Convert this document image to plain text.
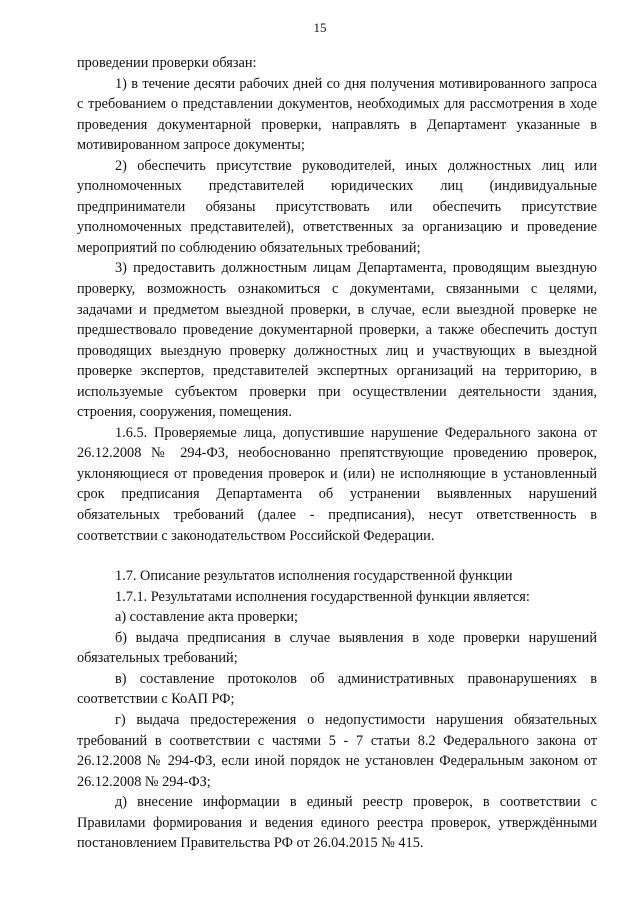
15

проведении проверки обязан:

1) в течение десяти рабочих дней со дня получения мотивированного запроса с требованием о представлении документов, необходимых для рассмотрения в ходе проведения документарной проверки, направлять в Департамент указанные в мотивированном запросе документы;

2) обеспечить присутствие руководителей, иных должностных лиц или уполномоченных представителей юридических лиц (индивидуальные предприниматели обязаны присутствовать или обеспечить присутствие уполномоченных представителей), ответственных за организацию и проведение мероприятий по соблюдению обязательных требований;

3) предоставить должностным лицам Департамента, проводящим выездную проверку, возможность ознакомиться с документами, связанными с целями, задачами и предметом выездной проверки, в случае, если выездной проверке не предшествовало проведение документарной проверки, а также обеспечить доступ проводящих выездную проверку должностных лиц и участвующих в выездной проверке экспертов, представителей экспертных организаций на территорию, в используемые субъектом проверки при осуществлении деятельности здания, строения, сооружения, помещения.

1.6.5. Проверяемые лица, допустившие нарушение Федерального закона от 26.12.2008 № 294-ФЗ, необоснованно препятствующие проведению проверок, уклоняющиеся от проведения проверок и (или) не исполняющие в установленный срок предписания Департамента об устранении выявленных нарушений обязательных требований (далее - предписания), несут ответственность в соответствии с законодательством Российской Федерации.

1.7. Описание результатов исполнения государственной функции

1.7.1. Результатами исполнения государственной функции является:

а) составление акта проверки;

б) выдача предписания в случае выявления в ходе проверки нарушений обязательных требований;

в) составление протоколов об административных правонарушениях в соответствии с КоАП РФ;

г) выдача предостережения о недопустимости нарушения обязательных требований в соответствии с частями 5 - 7 статьи 8.2 Федерального закона от 26.12.2008 № 294-ФЗ, если иной порядок не установлен Федеральным законом от 26.12.2008 № 294-ФЗ;

д) внесение информации в единый реестр проверок, в соответствии с Правилами формирования и ведения единого реестра проверок, утверждёнными постановлением Правительства РФ от 26.04.2015 № 415.
